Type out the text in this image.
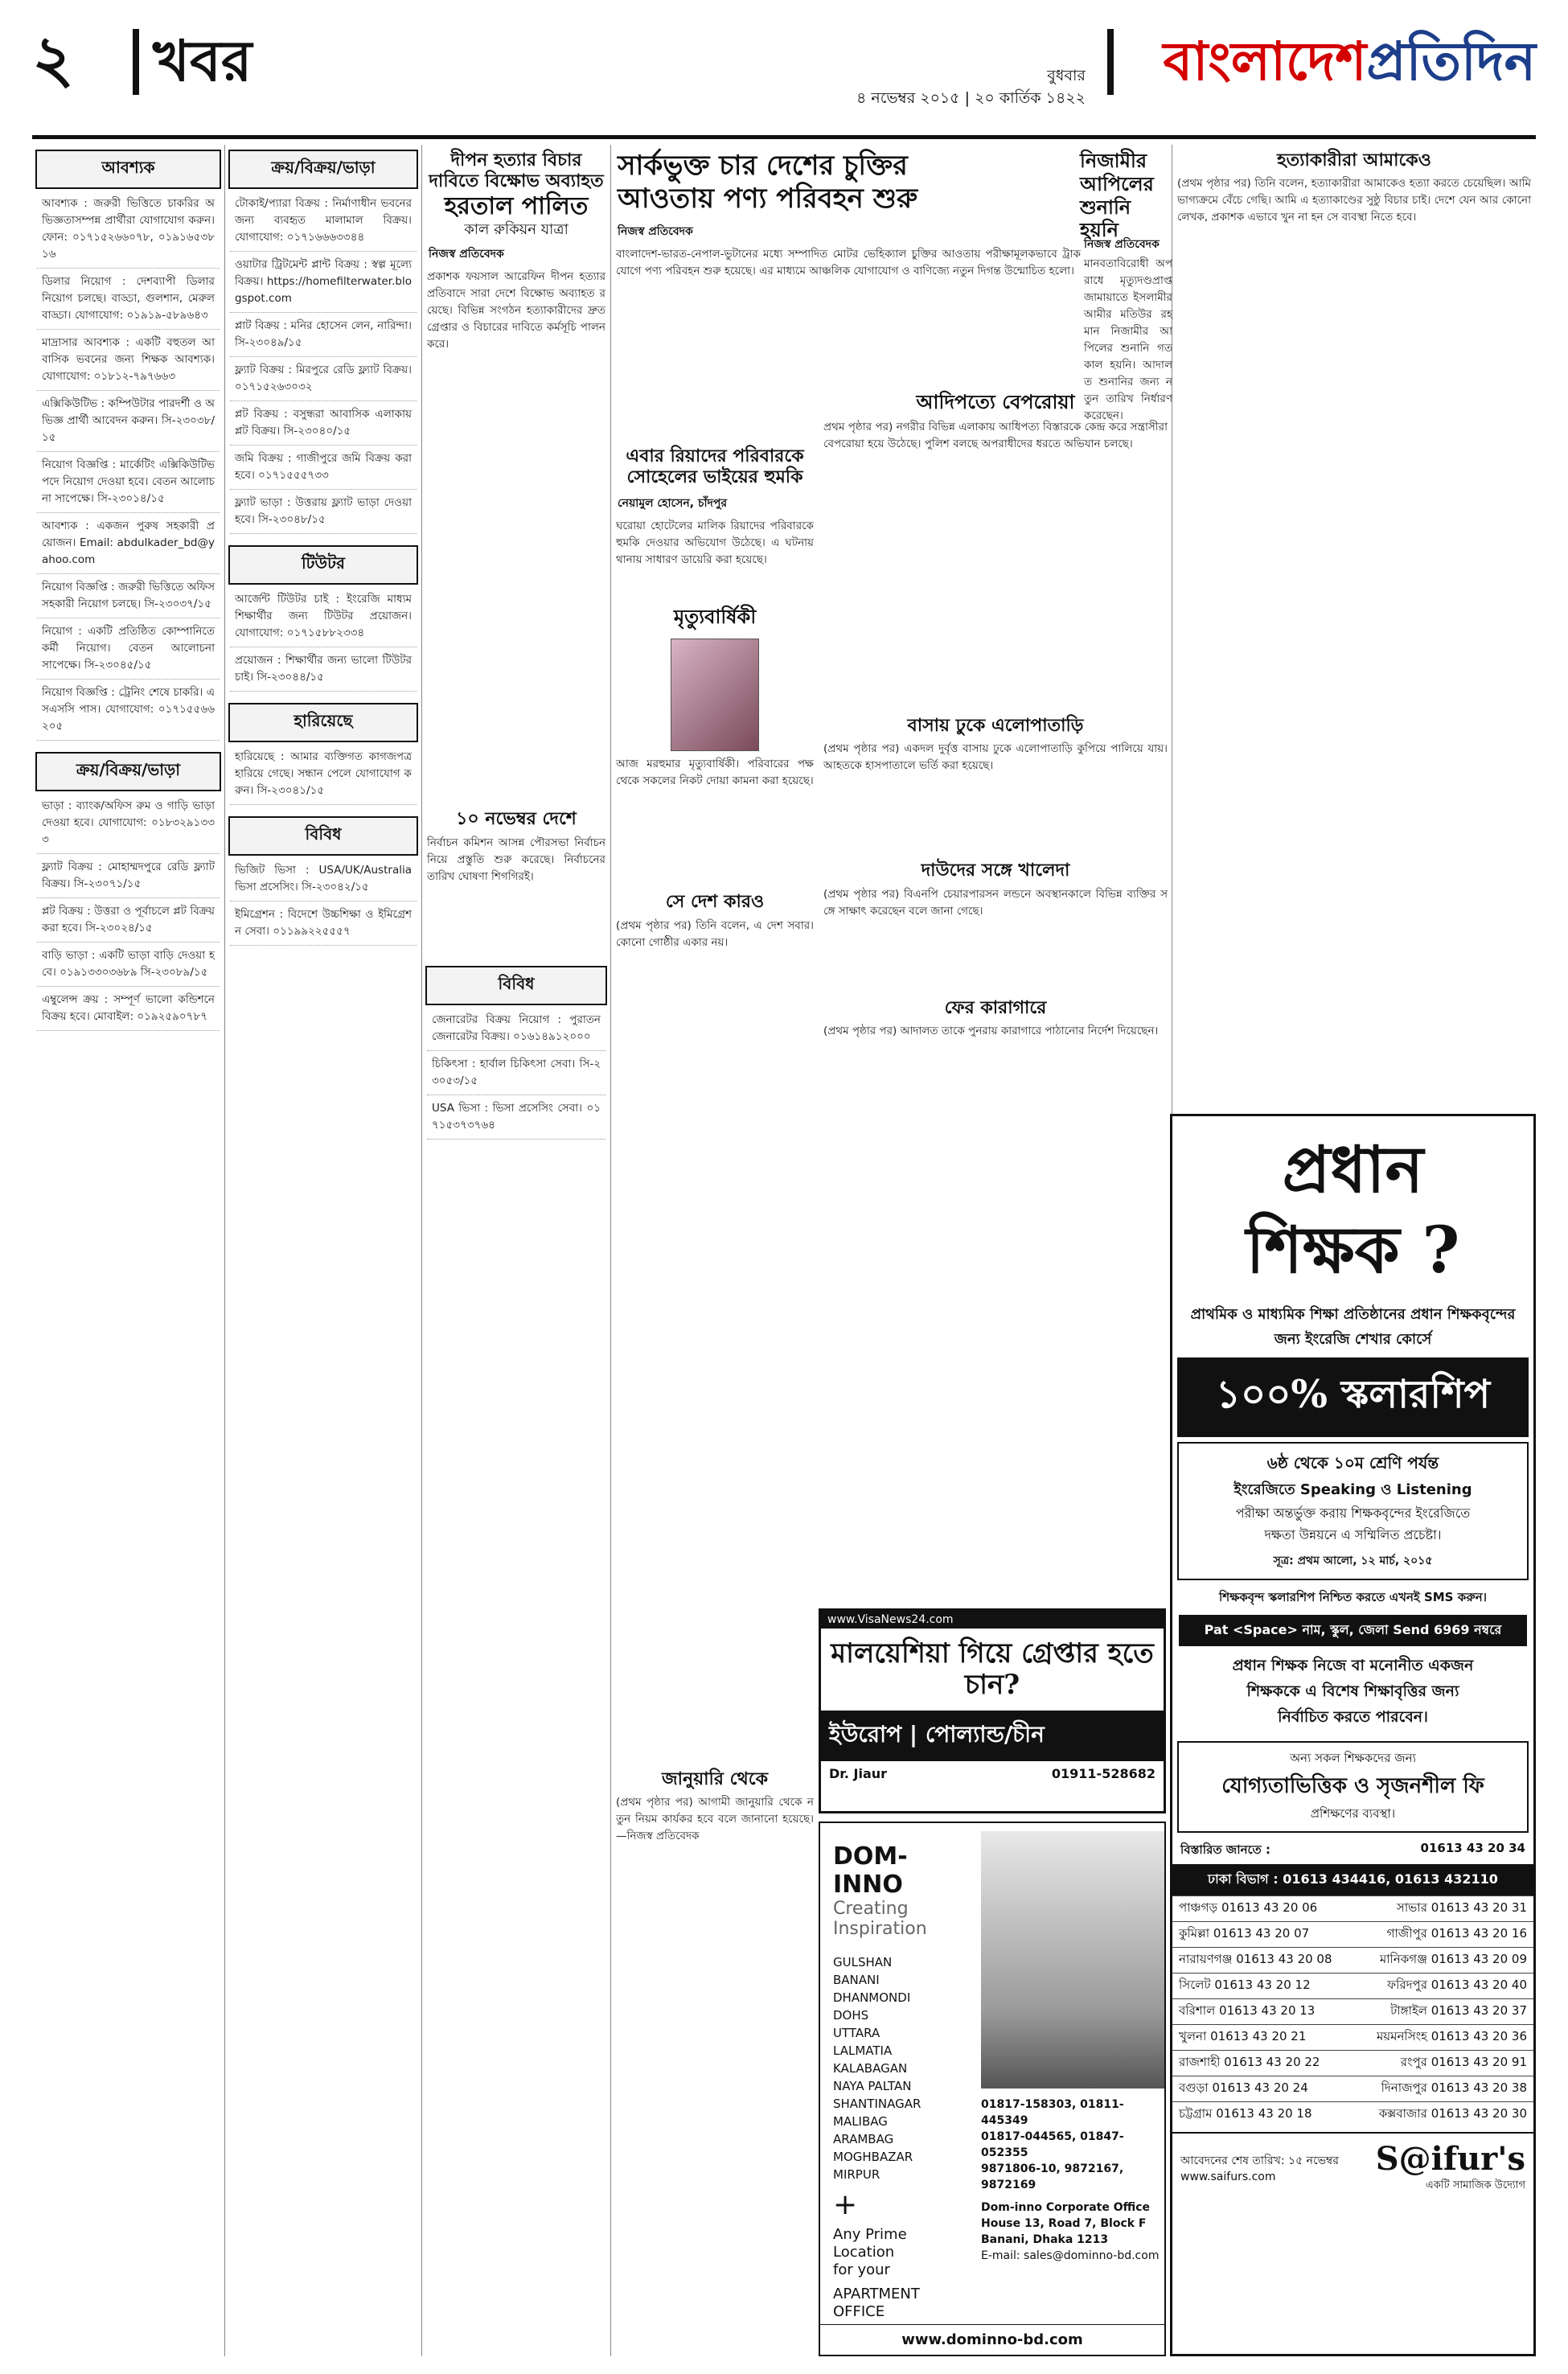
২ খবর	বুধবার
৪ নভেম্বর ২০১৫ | ২০ কার্তিক ১৪২২
বাংলাদেশপ্রতিদিন
আবশ্যক
আবশ্যক : জরুরী ভিত্তিতে চাকরির অভিজ্ঞতাসম্পন্ন প্রার্থীরা যোগাযোগ করুন। ফোন: ০১৭১৫২৬৬০৭৮, ০১৯১৬৫৩৮১৬
ডিলার নিয়োগ : দেশব্যাপী ডিলার নিয়োগ চলছে। বাড্ডা, গুলশান, মেরুল বাড্ডা। যোগাযোগ: ০১৯১৯-৫৮৯৬৪৩
মাদ্রাসার আবশ্যক : একটি বহুতল আবাসিক ভবনের জন্য শিক্ষক আবশ্যক। যোগাযোগ: ০১৮১২-৭৯৭৬৬৩
এক্সিকিউটিভ : কম্পিউটার পারদর্শী ও অভিজ্ঞ প্রার্থী আবেদন করুন। সি-২৩০৩৮/১৫
নিয়োগ বিজ্ঞপ্তি : মার্কেটিং এক্সিকিউটিভ পদে নিয়োগ দেওয়া হবে। বেতন আলোচনা সাপেক্ষে। সি-২৩০১৪/১৫
আবশ্যক : একজন পুরুষ সহকারী প্রয়োজন। Email: abdulkader_bd@yahoo.com
নিয়োগ বিজ্ঞপ্তি : জরুরী ভিত্তিতে অফিস সহকারী নিয়োগ চলছে। সি-২৩০৩৭/১৫
নিয়োগ : একটি প্রতিষ্ঠিত কোম্পানিতে কর্মী নিয়োগ। বেতন আলোচনা সাপেক্ষে। সি-২৩০৪৫/১৫
নিয়োগ বিজ্ঞপ্তি : ট্রেনিং শেষে চাকরি। এসএসসি পাস। যোগাযোগ: ০১৭১৫৫৬৬২০৫
ক্রয়/বিক্রয়/ভাড়া
ভাড়া : ব্যাংক/অফিস রুম ও গাড়ি ভাড়া দেওয়া হবে। যোগাযোগ: ০১৮৩২৯১৩৩৩
ফ্ল্যাট বিক্রয় : মোহাম্মদপুরে রেডি ফ্ল্যাট বিক্রয়। সি-২৩০৭১/১৫
প্লট বিক্রয় : উত্তরা ও পূর্বাচলে প্লট বিক্রয় করা হবে। সি-২৩০২৪/১৫
বাড়ি ভাড়া : একটি ভাড়া বাড়ি দেওয়া হবে। ০১৯১৩৩০৩৬৮৯ সি-২৩০৮৯/১৫
এম্বুলেন্স ক্রয় : সম্পূর্ণ ভালো কন্ডিশনে বিক্রয় হবে। মোবাইল: ০১৯২৫৯০৭৮৭
ক্রয়/বিক্রয়/ভাড়া
টোকাই/প্যারা বিক্রয় : নির্মাণাধীন ভবনের জন্য ব্যবহৃত মালামাল বিক্রয়। যোগাযোগ: ০১৭১৬৬৬৩৩৪৪
ওয়াটার ট্রিটমেন্ট প্লান্ট বিক্রয় : স্বল্প মূল্যে বিক্রয়। https://homefilterwater.blogspot.com
প্লাট বিক্রয় : মনির হোসেন লেন, নারিন্দা। সি-২৩০৪৯/১৫
ফ্ল্যাট বিক্রয় : মিরপুরে রেডি ফ্ল্যাট বিক্রয়। ০১৭১৫২৬৩০৩২
প্লট বিক্রয় : বসুন্ধরা আবাসিক এলাকায় প্লট বিক্রয়। সি-২৩০৪০/১৫
জমি বিক্রয় : গাজীপুরে জমি বিক্রয় করা হবে। ০১৭১৫৫৫৭৩৩
ফ্ল্যাট ভাড়া : উত্তরায় ফ্ল্যাট ভাড়া দেওয়া হবে। সি-২৩০৪৮/১৫
টিউটর
আর্জেন্ট টিউটর চাই : ইংরেজি মাধ্যম শিক্ষার্থীর জন্য টিউটর প্রয়োজন। যোগাযোগ: ০১৭১৫৮৮২৩৩৪
প্রয়োজন : শিক্ষার্থীর জন্য ভালো টিউটর চাই। সি-২৩০৪৪/১৫
হারিয়েছে
হারিয়েছে : আমার ব্যক্তিগত কাগজপত্র হারিয়ে গেছে। সন্ধান পেলে যোগাযোগ করুন। সি-২৩০৪১/১৫
বিবিধ
ভিজিট ভিসা : USA/UK/Australia ভিসা প্রসেসিং। সি-২৩০৪২/১৫
ইমিগ্রেশন : বিদেশে উচ্চশিক্ষা ও ইমিগ্রেশন সেবা। ০১১৯৯২২৫৫৫৭
দীপন হত্যার বিচার
দাবিতে বিক্ষোভ অব্যাহত
হরতাল পালিত
কাল রুকিয়ন যাত্রা
নিজস্ব প্রতিবেদক

প্রকাশক ফয়সাল আরেফিন দীপন হত্যার প্রতিবাদে সারা দেশে বিক্ষোভ অব্যাহত রয়েছে। বিভিন্ন সংগঠন হত্যাকারীদের দ্রুত গ্রেপ্তার ও বিচারের দাবিতে কর্মসূচি পালন করে।

১০ নভেম্বর দেশে

নির্বাচন কমিশন আসন্ন পৌরসভা নির্বাচন নিয়ে প্রস্তুতি শুরু করেছে। নির্বাচনের তারিখ ঘোষণা শিগগিরই।

বিবিধ
জেনারেটর বিক্রয় নিয়োগ : পুরাতন জেনারেটর বিক্রয়। ০১৬১৪৯১২০০০
চিকিৎসা : হার্বাল চিকিৎসা সেবা। সি-২৩০৫৩/১৫
USA ভিসা : ভিসা প্রসেসিং সেবা। ০১৭১৫৩৭৩৭৬৪
সার্কভুক্ত চার দেশের চুক্তির
আওতায় পণ্য পরিবহন শুরু
নিজস্ব প্রতিবেদক

বাংলাদেশ-ভারত-নেপাল-ভুটানের মধ্যে সম্পাদিত মোটর ভেহিক্যাল চুক্তির আওতায় পরীক্ষামূলকভাবে ট্রাকযোগে পণ্য পরিবহন শুরু হয়েছে। এর মাধ্যমে আঞ্চলিক যোগাযোগ ও বাণিজ্যে নতুন দিগন্ত উন্মোচিত হলো।

এবার রিয়াদের পরিবারকে
সোহেলের ভাইয়ের হুমকি
নেয়ামুল হোসেন, চাঁদপুর

ঘরোয়া হোটেলের মালিক রিয়াদের পরিবারকে হুমকি দেওয়ার অভিযোগ উঠেছে। এ ঘটনায় থানায় সাধারণ ডায়েরি করা হয়েছে।

মৃত্যুবার্ষিকী

আজ মরহুমার মৃত্যুবার্ষিকী। পরিবারের পক্ষ থেকে সকলের নিকট দোয়া কামনা করা হয়েছে।

সে দেশ কারও

(প্রথম পৃষ্ঠার পর) তিনি বলেন, এ দেশ সবার। কোনো গোষ্ঠীর একার নয়।

জানুয়ারি থেকে

(প্রথম পৃষ্ঠার পর) আগামী জানুয়ারি থেকে নতুন নিয়ম কার্যকর হবে বলে জানানো হয়েছে। —নিজস্ব প্রতিবেদক

নিজামীর আপিলের
শুনানি হয়নি
নিজস্ব প্রতিবেদক

মানবতাবিরোধী অপরাধে মৃত্যুদণ্ডপ্রাপ্ত জামায়াতে ইসলামীর আমীর মতিউর রহমান নিজামীর আপিলের শুনানি গতকাল হয়নি। আদালত শুনানির জন্য নতুন তারিখ নির্ধারণ করেছেন।

আদিপত্যে বেপরোয়া

প্রথম পৃষ্ঠার পর) নগরীর বিভিন্ন এলাকায় আধিপত্য বিস্তারকে কেন্দ্র করে সন্ত্রাসীরা বেপরোয়া হয়ে উঠেছে। পুলিশ বলছে অপরাধীদের ধরতে অভিযান চলছে।

বাসায় ঢুকে এলোপাতাড়ি

(প্রথম পৃষ্ঠার পর) একদল দুর্বৃত্ত বাসায় ঢুকে এলোপাতাড়ি কুপিয়ে পালিয়ে যায়। আহতকে হাসপাতালে ভর্তি করা হয়েছে।

দাউদের সঙ্গে খালেদা

(প্রথম পৃষ্ঠার পর) বিএনপি চেয়ারপারসন লন্ডনে অবস্থানকালে বিভিন্ন ব্যক্তির সঙ্গে সাক্ষাৎ করেছেন বলে জানা গেছে।

ফের কারাগারে

(প্রথম পৃষ্ঠার পর) আদালত তাকে পুনরায় কারাগারে পাঠানোর নির্দেশ দিয়েছেন।

www.VisaNews24.com
মালয়েশিয়া গিয়ে গ্রেপ্তার হতে চান?
ইউরোপ | পোল্যান্ড/চীন
Dr. Jiaur	01911-528682
DOM-INNO
Creating
Inspiration
GULSHAN
BANANI
DHANMONDI
DOHS
UTTARA
LALMATIA
KALABAGAN
NAYA PALTAN
SHANTINAGAR
MALIBAG
ARAMBAG
MOGHBAZAR
MIRPUR
+
Any Prime
Location
for your
APARTMENT
OFFICE
01817-158303, 01811-445349
01817-044565, 01847-052355
9871806-10, 9872167, 9872169
Dom-inno Corporate Office
House 13, Road 7, Block F
Banani, Dhaka 1213
E-mail: sales@dominno-bd.com
www.dominno-bd.com
হত্যাকারীরা আমাকেও

(প্রথম পৃষ্ঠার পর) তিনি বলেন, হত্যাকারীরা আমাকেও হত্যা করতে চেয়েছিল। আমি ভাগ্যক্রমে বেঁচে গেছি। আমি এ হত্যাকাণ্ডের সুষ্ঠু বিচার চাই। দেশে যেন আর কোনো লেখক, প্রকাশক এভাবে খুন না হন সে ব্যবস্থা নিতে হবে।

প্রধান
শিক্ষক ?
প্রাথমিক ও মাধ্যমিক শিক্ষা প্রতিষ্ঠানের প্রধান শিক্ষকবৃন্দের জন্য ইংরেজি শেখার কোর্সে
১০০% স্কলারশিপ
৬ষ্ঠ থেকে ১০ম শ্রেণি পর্যন্ত
ইংরেজিতে Speaking ও Listening
পরীক্ষা অন্তর্ভুক্ত করায় শিক্ষকবৃন্দের ইংরেজিতে
দক্ষতা উন্নয়নে এ সম্মিলিত প্রচেষ্টা।
সূত্র: প্রথম আলো, ১২ মার্চ, ২০১৫
শিক্ষকবৃন্দ স্কলারশিপ নিশ্চিত করতে এখনই SMS করুন।
Pat <Space> নাম, স্কুল, জেলা Send 6969 নম্বরে
প্রধান শিক্ষক নিজে বা মনোনীত একজন
শিক্ষককে এ বিশেষ শিক্ষাবৃত্তির জন্য
নির্বাচিত করতে পারবেন।
অন্য সকল শিক্ষকদের জন্য
যোগ্যতাভিত্তিক ও সৃজনশীল ফি
প্রশিক্ষণের ব্যবস্থা।
বিস্তারিত জানতে :	01613 43 20 34
ঢাকা বিভাগ : 01613 434416, 01613 432110
পাঞ্চগড় 01613 43 20 06	সাভার 01613 43 20 31
কুমিল্লা 01613 43 20 07	গাজীপুর 01613 43 20 16
নারায়ণগঞ্জ 01613 43 20 08	মানিকগঞ্জ 01613 43 20 09
সিলেট 01613 43 20 12	ফরিদপুর 01613 43 20 40
বরিশাল 01613 43 20 13	টাঙ্গাইল 01613 43 20 37
খুলনা 01613 43 20 21	ময়মনসিংহ 01613 43 20 36
রাজশাহী 01613 43 20 22	রংপুর 01613 43 20 91
বগুড়া 01613 43 20 24	দিনাজপুর 01613 43 20 38
চট্টগ্রাম 01613 43 20 18	কক্সবাজার 01613 43 20 30
আবেদনের শেষ তারিখ: ১৫ নভেম্বর
www.saifurs.com	S@ifur's
একটি সামাজিক উদ্যোগ
